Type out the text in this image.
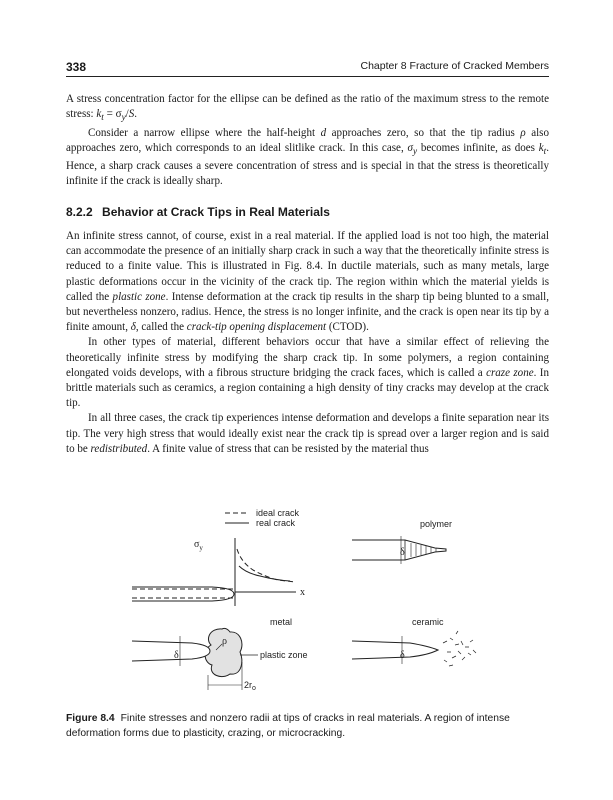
338	Chapter 8 Fracture of Cracked Members

A stress concentration factor for the ellipse can be defined as the ratio of the maximum stress to the remote stress: $k_t = \sigma_y/S$.

Consider a narrow ellipse where the half-height d approaches zero, so that the tip radius ρ also approaches zero, which corresponds to an ideal slitlike crack. In this case, $\sigma_y$ becomes infinite, as does $k_t$. Hence, a sharp crack causes a severe concentration of stress and is special in that the stress is theoretically infinite if the crack is ideally sharp.

8.2.2 Behavior at Crack Tips in Real Materials

An infinite stress cannot, of course, exist in a real material. If the applied load is not too high, the material can accommodate the presence of an initially sharp crack in such a way that the theoretically infinite stress is reduced to a finite value. This is illustrated in Fig. 8.4. In ductile materials, such as many metals, large plastic deformations occur in the vicinity of the crack tip. The region within which the material yields is called the plastic zone. Intense deformation at the crack tip results in the sharp tip being blunted to a small, but nevertheless nonzero, radius. Hence, the stress is no longer infinite, and the crack is open near its tip by a finite amount, δ, called the crack-tip opening displacement (CTOD).

In other types of material, different behaviors occur that have a similar effect of relieving the theoretically infinite stress by modifying the sharp crack tip. In some polymers, a region containing elongated voids develops, with a fibrous structure bridging the crack faces, which is called a craze zone. In brittle materials such as ceramics, a region containing a high density of tiny cracks may develop at the crack tip.

In all three cases, the crack tip experiences intense deformation and develops a finite separation near its tip. The very high stress that would ideally exist near the crack tip is spread over a larger region and is said to be redistributed. A finite value of stress that can be resisted by the material thus

ideal crack
real crack
$\sigma_y$
x
polymer
δ
metal
δ
ρ
plastic zone
$2r_o$
ceramic
δ
Figure 8.4 Finite stresses and nonzero radii at tips of cracks in real materials. A region of intense deformation forms due to plasticity, crazing, or microcracking.
